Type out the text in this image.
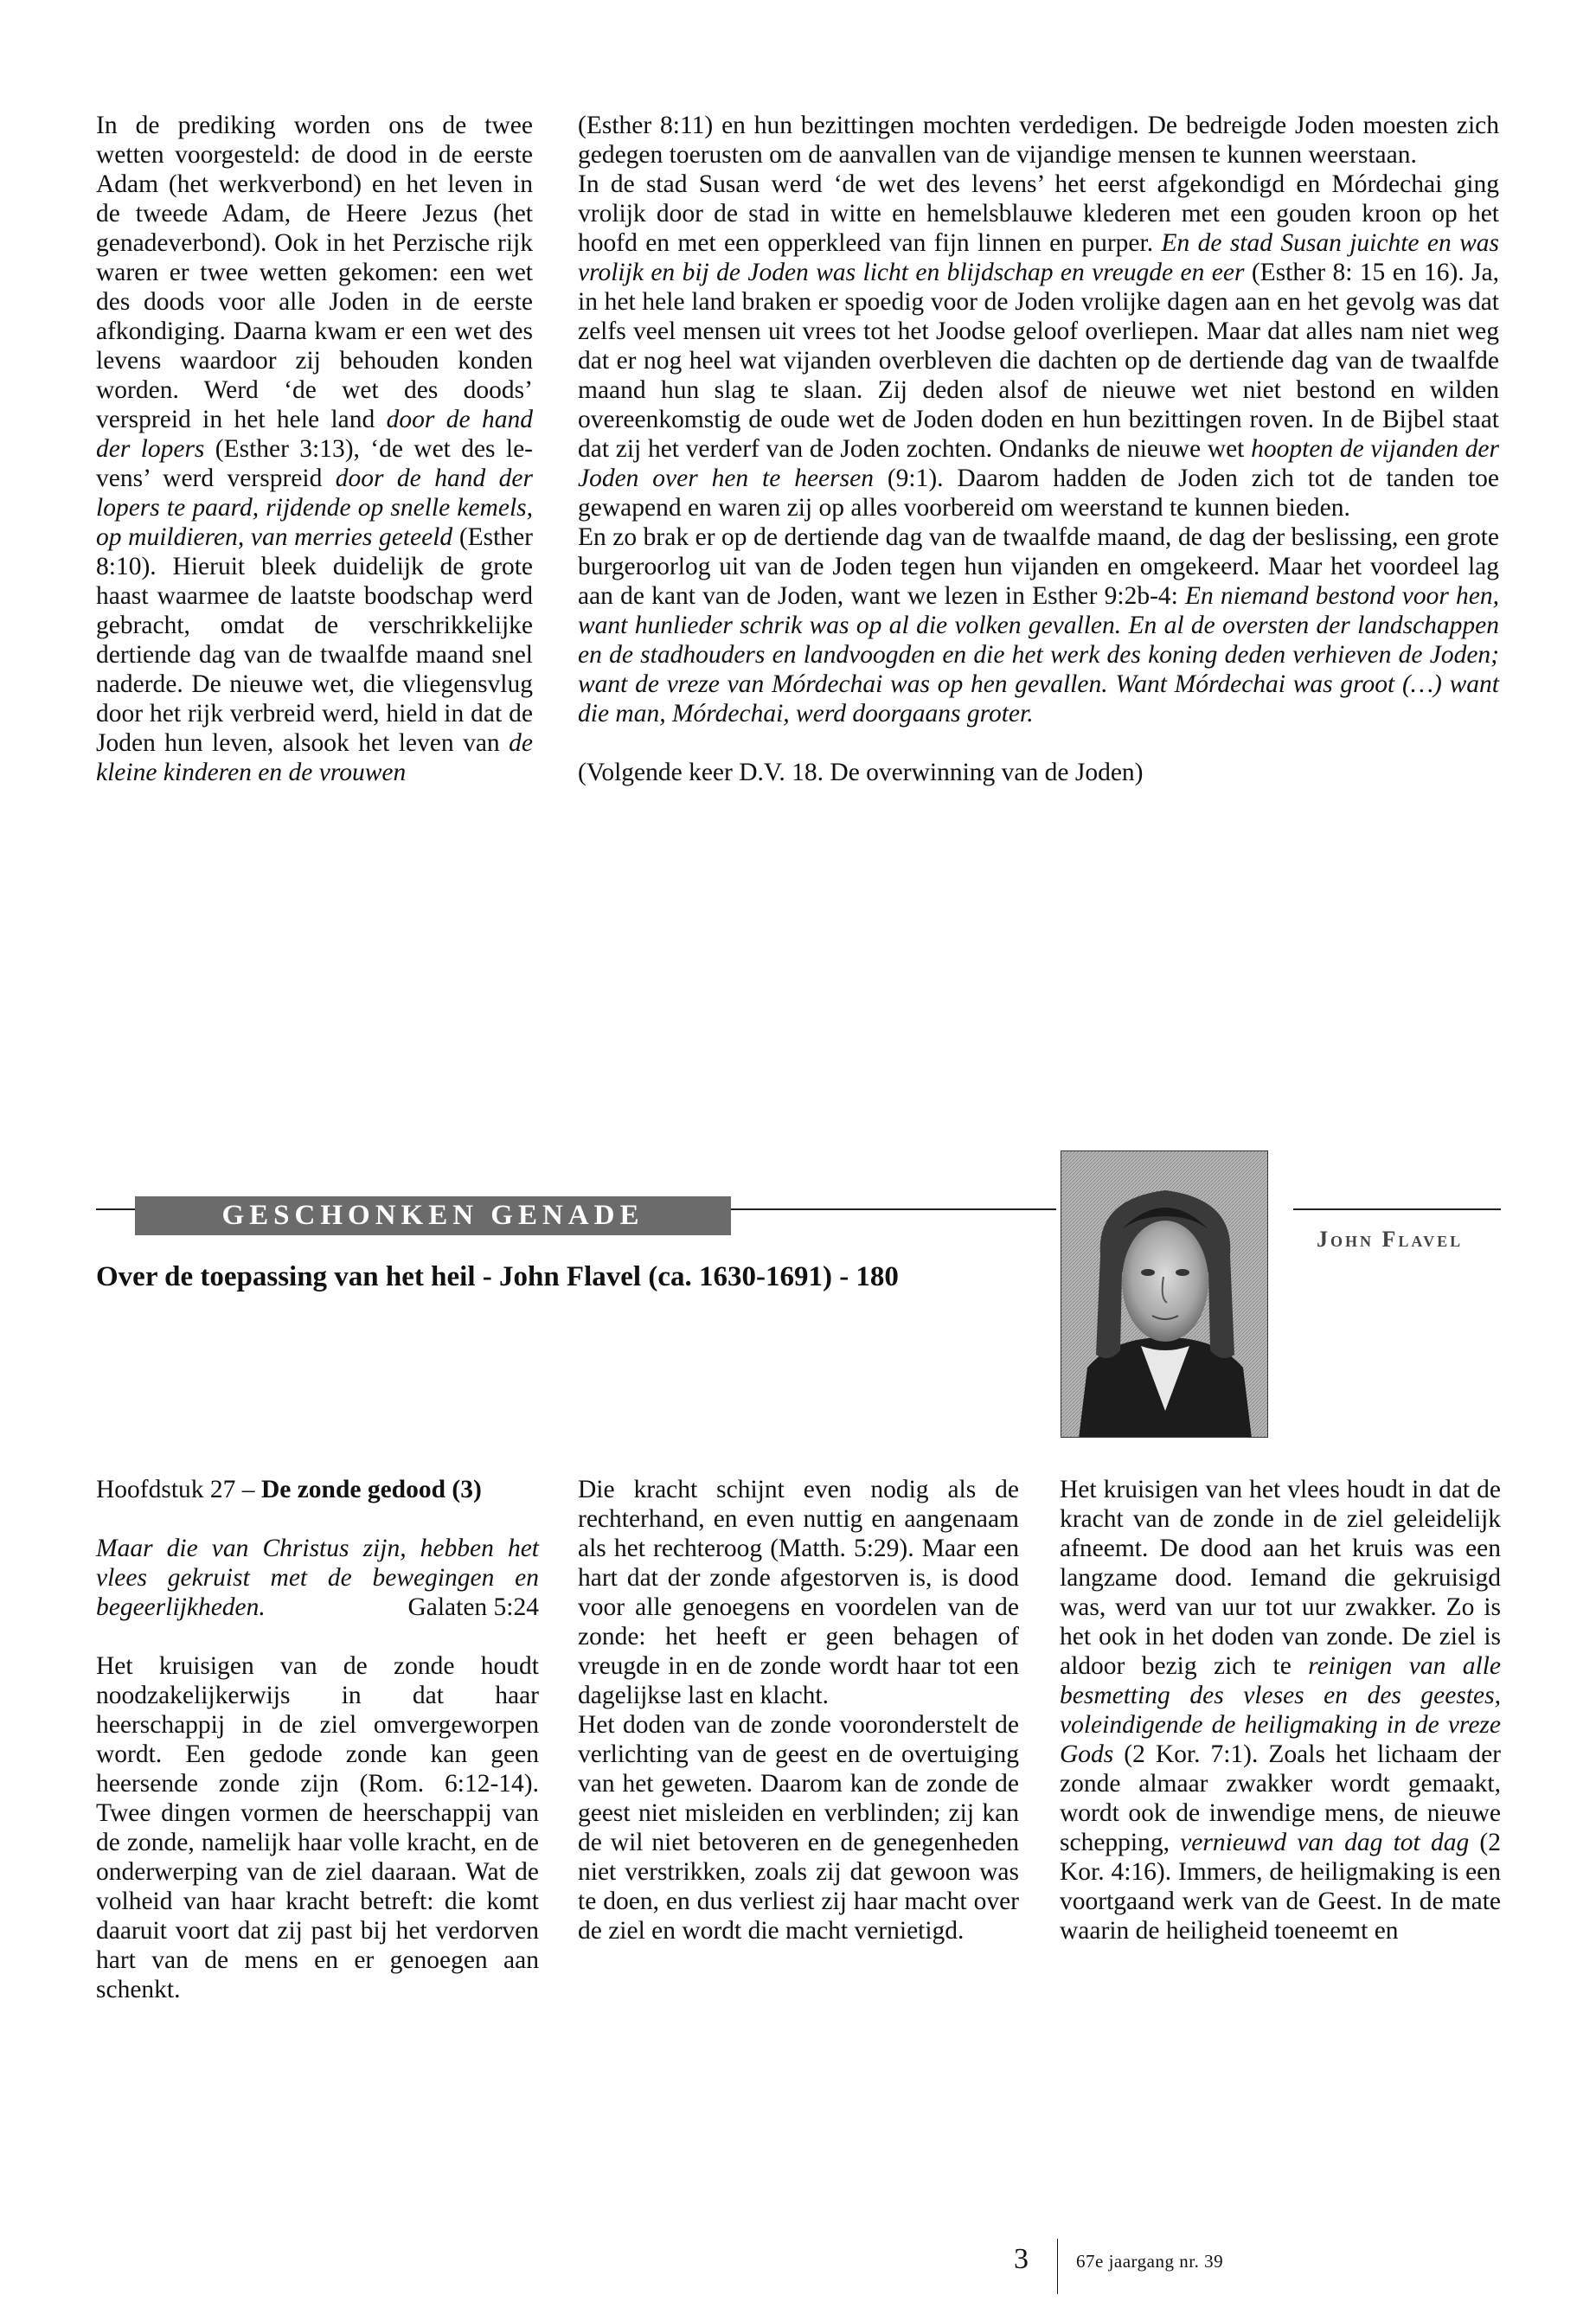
In de prediking worden ons de twee wetten voorgesteld: de dood in de eerste Adam (het werkverbond) en het leven in de tweede Adam, de Heere Jezus (het genadeverbond). Ook in het Perzische rijk waren er twee wetten gekomen: een wet des doods voor alle Joden in de eerste afkondiging. Daarna kwam er een wet des levens waardoor zij behouden konden worden. Werd ‘de wet des doods’ verspreid in het hele land door de hand der lopers (Esther 3:13), ‘de wet des levens’ werd verspreid door de hand der lopers te paard, rijdende op snelle kemels, op muildieren, van merries geteeld (Esther 8:10). Hieruit bleek duidelijk de grote haast waarmee de laatste boodschap werd gebracht, omdat de verschrikkelijke dertiende dag van de twaalfde maand snel naderde. De nieuwe wet, die vliegensvlug door het rijk verbreid werd, hield in dat de Joden hun leven, alsook het leven van de kleine kinderen en de vrouwen

(Esther 8:11) en hun bezittingen mochten verdedigen. De bedreigde Joden moesten zich gedegen toerusten om de aanvallen van de vijandige mensen te kunnen weerstaan.

In de stad Susan werd ‘de wet des levens’ het eerst afgekondigd en Mórdechai ging vrolijk door de stad in witte en hemelsblauwe klederen met een gouden kroon op het hoofd en met een opperkleed van fijn linnen en purper. En de stad Susan juichte en was vrolijk en bij de Joden was licht en blijdschap en vreugde en eer (Esther 8: 15 en 16). Ja, in het hele land braken er spoedig voor de Joden vrolijke dagen aan en het gevolg was dat zelfs veel mensen uit vrees tot het Joodse geloof overliepen. Maar dat alles nam niet weg dat er nog heel wat vijanden overbleven die dachten op de dertiende dag van de twaalfde maand hun slag te slaan. Zij deden alsof de nieuwe wet niet bestond en wilden overeenkomstig de oude wet de Joden doden en hun bezittingen roven. In de Bijbel staat dat zij het verderf van de Joden zochten. Ondanks de nieuwe wet hoopten de vijanden der Joden over hen te heersen (9:1). Daarom hadden de Joden zich tot de tanden toe gewapend en waren zij op alles voorbereid om weerstand te kunnen bieden.

En zo brak er op de dertiende dag van de twaalfde maand, de dag der beslissing, een grote burgeroorlog uit van de Joden tegen hun vijanden en omgekeerd. Maar het voordeel lag aan de kant van de Joden, want we lezen in Esther 9:2b-4: En niemand bestond voor hen, want hunlieder schrik was op al die volken gevallen. En al de oversten der landschappen en de stadhouders en landvoogden en die het werk des koning deden verhieven de Joden; want de vreze van Mórdechai was op hen gevallen. Want Mórdechai was groot (…) want die man, Mórdechai, werd doorgaans groter.

(Volgende keer D.V. 18. De overwinning van de Joden)

GESCHONKEN GENADE
Over de toepassing van het heil - John Flavel (ca. 1630-1691) - 180
John Flavel

Hoofdstuk 27 – De zonde gedood (3)

Maar die van Christus zijn, hebben het vlees gekruist met de bewegingen en begeerlijkheden.	Galaten 5:24

Het kruisigen van de zonde houdt noodzakelijkerwijs in dat haar heerschappij in de ziel omvergeworpen wordt. Een gedode zonde kan geen heersende zonde zijn (Rom. 6:12-14). Twee dingen vormen de heerschappij van de zonde, namelijk haar volle kracht, en de onderwerping van de ziel daaraan. Wat de volheid van haar kracht betreft: die komt daaruit voort dat zij past bij het verdorven hart van de mens en er genoegen aan schenkt.

Die kracht schijnt even nodig als de rechterhand, en even nuttig en aangenaam als het rechteroog (Matth. 5:29). Maar een hart dat der zonde afgestorven is, is dood voor alle genoegens en voordelen van de zonde: het heeft er geen behagen of vreugde in en de zonde wordt haar tot een dagelijkse last en klacht.

Het doden van de zonde vooronderstelt de verlichting van de geest en de overtuiging van het geweten. Daarom kan de zonde de geest niet misleiden en verblinden; zij kan de wil niet betoveren en de genegenheden niet verstrikken, zoals zij dat gewoon was te doen, en dus verliest zij haar macht over de ziel en wordt die macht vernietigd.

Het kruisigen van het vlees houdt in dat de kracht van de zonde in de ziel geleidelijk afneemt. De dood aan het kruis was een langzame dood. Iemand die gekruisigd was, werd van uur tot uur zwakker. Zo is het ook in het doden van zonde. De ziel is aldoor bezig zich te reinigen van alle besmetting des vleses en des geestes, voleindigende de heiligmaking in de vreze Gods (2 Kor. 7:1). Zoals het lichaam der zonde almaar zwakker wordt gemaakt, wordt ook de inwendige mens, de nieuwe schepping, vernieuwd van dag tot dag (2 Kor. 4:16). Immers, de heiligmaking is een voortgaand werk van de Geest. In de mate waarin de heiligheid toeneemt en

3	67e jaargang nr. 39
